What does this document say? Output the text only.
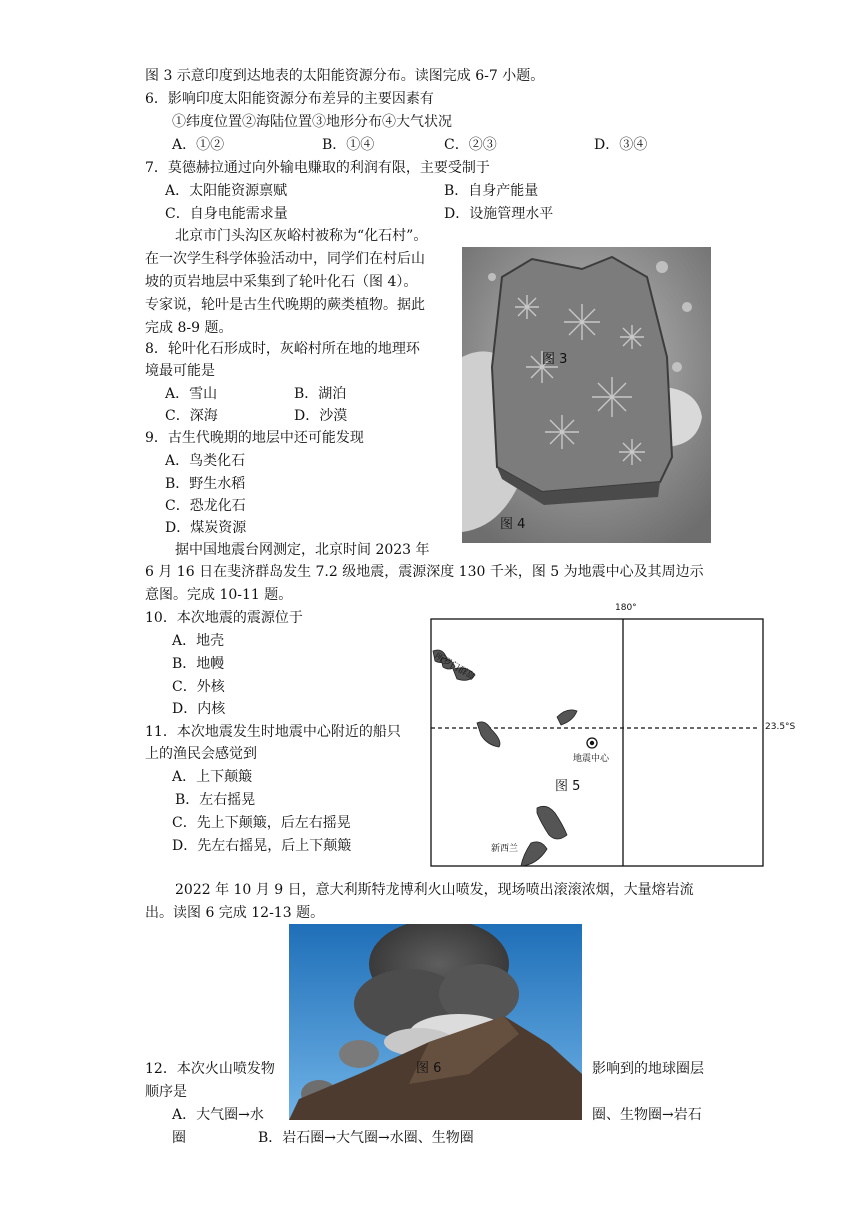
图 3 示意印度到达地表的太阳能资源分布。读图完成 6-7 小题。
6．影响印度太阳能资源分布差异的主要因素有
①纬度位置②海陆位置③地形分布④大气状况
A．①②	B．①④	C．②③	D．③④
7．莫德赫拉通过向外输电赚取的利润有限，主要受制于
A．太阳能资源禀赋	B．自身产能量
C．自身电能需求量	D．设施管理水平
北京市门头沟区灰峪村被称为“化石村”。
在一次学生科学体验活动中，同学们在村后山
坡的页岩地层中采集到了轮叶化石（图 4）。
专家说，轮叶是古生代晚期的蕨类植物。据此
完成 8-9 题。
8．轮叶化石形成时，灰峪村所在地的地理环
境最可能是
A．雪山	B．湖泊
C．深海	D．沙漠
9．古生代晚期的地层中还可能发现
A．鸟类化石
B．野生水稻
C．恐龙化石
D．煤炭资源
图 3
图 4
据中国地震台网测定，北京时间 2023 年
6 月 16 日在斐济群岛发生 7.2 级地震，震源深度 130 千米，图 5 为地震中心及其周边示
意图。完成 10-11 题。
10．本次地震的震源位于
A．地壳
B．地幔
C．外核
D．内核
11．本次地震发生时地震中心附近的船只
上的渔民会感觉到
A．上下颠簸
B．左右摇晃
C．先上下颠簸，后左右摇晃
D．先左右摇晃，后上下颠簸
180°
23.5°S
所罗门群岛
地震中心
新西兰
图 5
2022 年 10 月 9 日，意大利斯特龙博利火山喷发，现场喷出滚滚浓烟，大量熔岩流
出。读图 6 完成 12-13 题。
图 6
12．本次火山喷发物	影响到的地球圈层
顺序是
A．大气圈→水	圈、生物圈→岩石
圈	B．岩石圈→大气圈→水圈、生物圈
